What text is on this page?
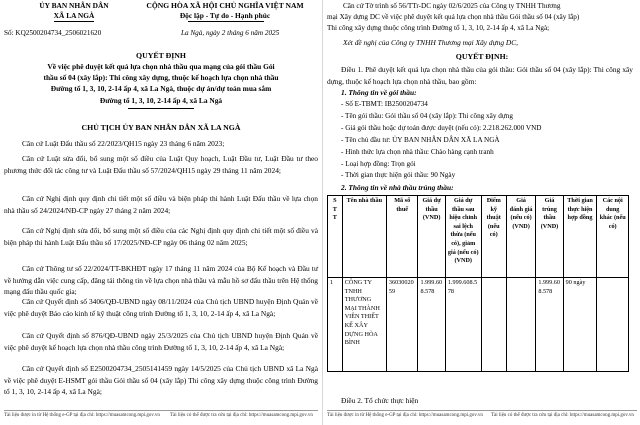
ỦY BAN NHÂN DÂN
XÃ LA NGÀ
CỘNG HÒA XÃ HỘI CHỦ NGHĨA VIỆT NAM
Độc lập - Tự do - Hạnh phúc
Số: KQ2500204734_2506021620	La Ngà, ngày 2 tháng 6 năm 2025
QUYẾT ĐỊNH
Về việc phê duyệt kết quả lựa chọn nhà thầu qua mạng của gói thầu Gói
thầu số 04 (xây lắp): Thi công xây dựng, thuộc kế hoạch lựa chọn nhà thầu
Đường tổ 1, 3, 10, 2-14 ấp 4, xã La Ngà, thuộc dự án/dự toán mua sắm
Đường tổ 1, 3, 10, 2-14 ấp 4, xã La Ngà
CHỦ TỊCH ỦY BAN NHÂN DÂN XÃ LA NGÀ
Căn cứ Luật Đấu thầu số 22/2023/QH15 ngày 23 tháng 6 năm 2023;
Căn cứ Luật sửa đổi, bổ sung một số điều của Luật Quy hoạch, Luật Đầu tư, Luật Đầu tư theo phương thức đối tác công tư và Luật Đấu thầu số 57/2024/QH15 ngày 29 tháng 11 năm 2024;
Căn cứ Nghị định quy định chi tiết một số điều và biện pháp thi hành Luật Đấu thầu về lựa chọn nhà thầu số 24/2024/NĐ-CP ngày 27 tháng 2 năm 2024;
Căn cứ Nghị định sửa đổi, bổ sung một số điều của các Nghị định quy định chi tiết một số điều và biện pháp thi hành Luật Đấu thầu số 17/2025/NĐ-CP ngày 06 tháng 02 năm 2025;
Căn cứ Thông tư số 22/2024/TT-BKHĐT ngày 17 tháng 11 năm 2024 của Bộ Kế hoạch và Đầu tư về hướng dẫn việc cung cấp, đăng tải thông tin về lựa chọn nhà thầu và mẫu hồ sơ đấu thầu trên Hệ thống mạng đấu thầu quốc gia;
Căn cứ Quyết định số 3406/QĐ-UBND ngày 08/11/2024 của Chủ tịch UBND huyện Định Quán về việc phê duyệt Báo cáo kinh tế kỹ thuật công trình Đường tổ 1, 3, 10, 2-14 ấp 4, xã La Ngà;
Căn cứ Quyết định số 876/QĐ-UBND ngày 25/3/2025 của Chủ tịch UBND huyện Định Quán về việc phê duyệt kế hoạch lựa chọn nhà thầu công trình Đường tổ 1, 3, 10, 2-14 ấp 4, xã La Ngà;
Căn cứ Quyết định số E2500204734_2505141459 ngày 14/5/2025 của Chủ tịch UBND xã La Ngà về việc phê duyệt E-HSMT gói thầu Gói thầu số 04 (xây lắp) Thi công xây dựng thuộc công trình Đường tổ 1, 3, 10, 2-14 ấp 4, xã La Ngà;
Tài liệu được in từ Hệ thống e-GP tại địa chỉ: https://muasamcong.mpi.gov.vn Tài liệu có thể được tra cứu tại địa chỉ: https://muasamcong.mpi.gov.vn
Căn cứ Tờ trình số 56/TTr-DC ngày 02/6/2025 của Công ty TNHH Thương
mại Xây dựng DC về việc phê duyệt kết quả lựa chọn nhà thầu Gói thầu số 04 (xây lắp)
Thi công xây dựng thuộc công trình Đường tổ 1, 3, 10, 2-14 ấp 4, xã La Ngà;
Xét đề nghị của Công ty TNHH Thương mại Xây dựng DC,
QUYẾT ĐỊNH:
Điều 1. Phê duyệt kết quả lựa chọn nhà thầu của gói thầu: Gói thầu số 04 (xây lắp): Thi công xây dựng, thuộc kế hoạch lựa chọn nhà thầu, bao gồm:
1. Thông tin về gói thầu:
- Số E-TBMT: IB2500204734
- Tên gói thầu: Gói thầu số 04 (xây lắp): Thi công xây dựng
- Giá gói thầu hoặc dự toán được duyệt (nếu có): 2.218.262.000 VND
- Tên chủ đầu tư: ỦY BAN NHÂN DÂN XÃ LA NGÀ
- Hình thức lựa chọn nhà thầu: Chào hàng cạnh tranh
- Loại hợp đồng: Trọn gói
- Thời gian thực hiện gói thầu: 90 Ngày
2. Thông tin về nhà thầu trúng thầu:
S
T
T	Tên nhà thầu	Mã số thuế	Giá dự thầu (VND)	Giá dự thầu sau hiệu chỉnh sai lệch thừa (nếu có), giảm giá (nếu có) (VND)	Điểm kỹ thuật (nếu có)	Giá đánh giá (nếu có) (VND)	Giá trúng thầu (VND)	Thời gian thực hiện hợp đồng	Các nội dung khác (nếu có)
1	CÔNG TY TNHH THƯƠNG MẠI THÀNH VIÊN THIẾT KẾ XÂY DỰNG HÒA BÌNH	3603002059	1.999.608.578	1.999.608.578			1.999.608.578	90 ngày	
Điều 2. Tổ chức thực hiện
Tài liệu được in từ Hệ thống e-GP tại địa chỉ: https://muasamcong.mpi.gov.vn Tài liệu có thể được tra cứu tại địa chỉ: https://muasamcong.mpi.gov.vn
